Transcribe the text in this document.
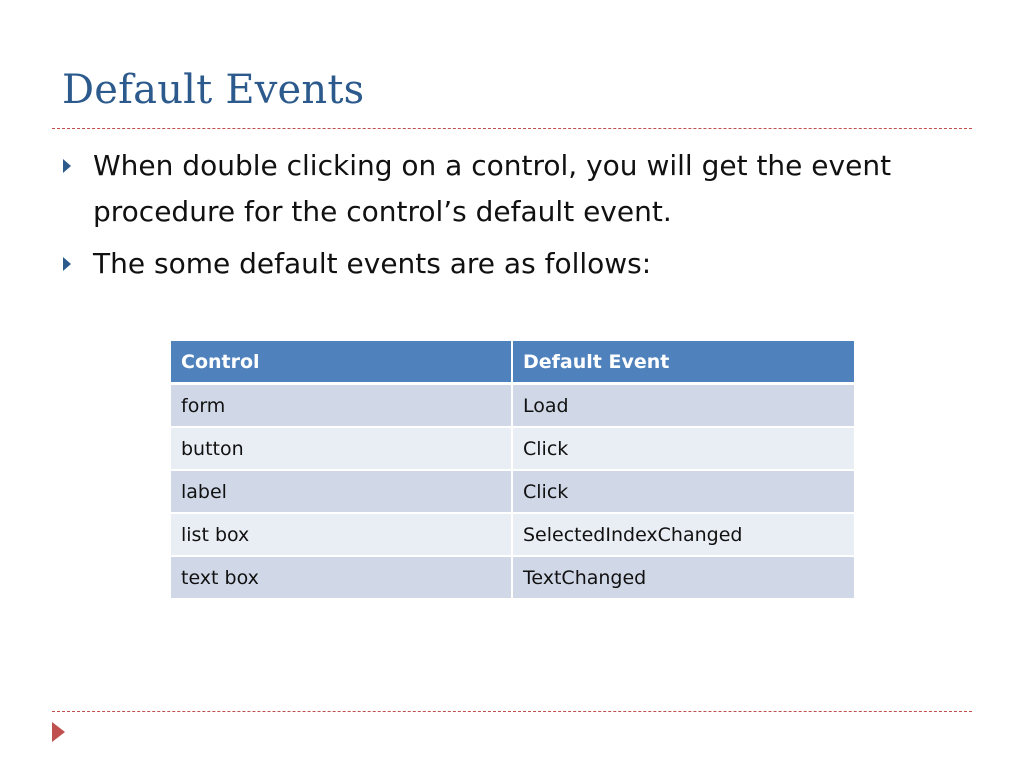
Default Events
When double clicking on a control, you will get the event procedure for the control’s default event.
The some default events are as follows:
Control	Default Event
form	Load
button	Click
label	Click
list box	SelectedIndexChanged
text box	TextChanged
